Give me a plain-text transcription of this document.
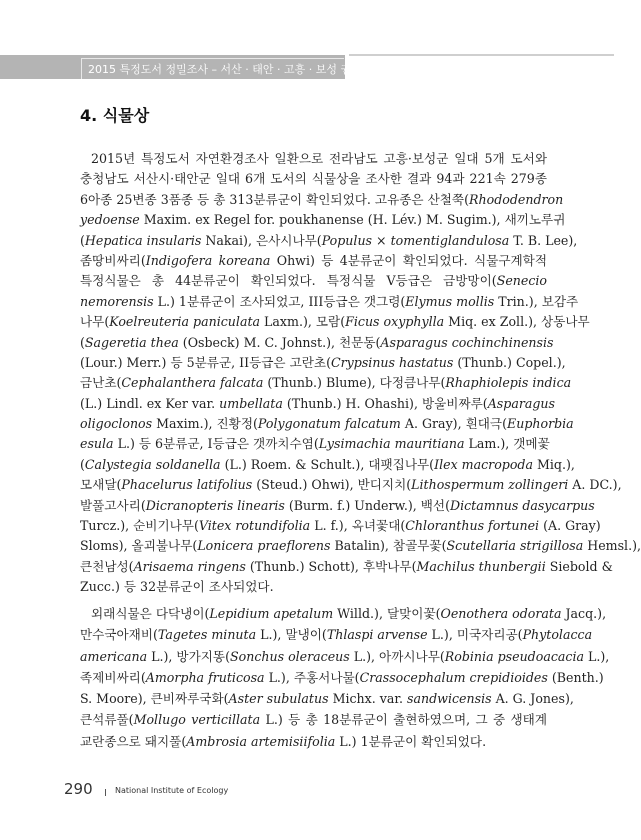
2015 특정도서 정밀조사 – 서산 · 태안 · 고흥 · 보성 권역
4. 식물상
2015년 특정도서 자연환경조사 일환으로 전라남도 고흥·보성군 일대 5개 도서와
충청남도 서산시·태안군 일대 6개 도서의 식물상을 조사한 결과 94과 221속 279종
6아종 25변종 3품종 등 총 313분류군이 확인되었다. 고유종은 산철쭉(Rhododendron
yedoense Maxim. ex Regel for. poukhanense (H. Lév.) M. Sugim.), 새끼노루귀
(Hepatica insularis Nakai), 은사시나무(Populus × tomentiglandulosa T. B. Lee),
좀땅비싸리(Indigofera koreana Ohwi) 등 4분류군이 확인되었다. 식물구계학적
특정식물은 총 44분류군이 확인되었다. 특정식물 V등급은 금방망이(Senecio
nemorensis L.) 1분류군이 조사되었고, III등급은 갯그령(Elymus mollis Trin.), 보감주
나무(Koelreuteria paniculata Laxm.), 모람(Ficus oxyphylla Miq. ex Zoll.), 상동나무
(Sageretia thea (Osbeck) M. C. Johnst.), 천문동(Asparagus cochinchinensis
(Lour.) Merr.) 등 5분류군, II등급은 고란초(Crypsinus hastatus (Thunb.) Copel.),
금난초(Cephalanthera falcata (Thunb.) Blume), 다정큼나무(Rhaphiolepis indica
(L.) Lindl. ex Ker var. umbellata (Thunb.) H. Ohashi), 방울비짜루(Asparagus
oligoclonos Maxim.), 진황정(Polygonatum falcatum A. Gray), 흰대극(Euphorbia
esula L.) 등 6분류군, I등급은 갯까치수염(Lysimachia mauritiana Lam.), 갯메꽃
(Calystegia soldanella (L.) Roem. & Schult.), 대팻집나무(Ilex macropoda Miq.),
모새달(Phacelurus latifolius (Steud.) Ohwi), 반디지치(Lithospermum zollingeri A. DC.),
발풀고사리(Dicranopteris linearis (Burm. f.) Underw.), 백선(Dictamnus dasycarpus
Turcz.), 순비기나무(Vitex rotundifolia L. f.), 옥녀꽃대(Chloranthus fortunei (A. Gray)
Sloms), 올괴불나무(Lonicera praeflorens Batalin), 참골무꽃(Scutellaria strigillosa Hemsl.),
큰천남성(Arisaema ringens (Thunb.) Schott), 후박나무(Machilus thunbergii Siebold &
Zucc.) 등 32분류군이 조사되었다.
외래식물은 다닥냉이(Lepidium apetalum Willd.), 달맞이꽃(Oenothera odorata Jacq.),
만수국아재비(Tagetes minuta L.), 말냉이(Thlaspi arvense L.), 미국자리공(Phytolacca
americana L.), 방가지똥(Sonchus oleraceus L.), 아까시나무(Robinia pseudoacacia L.),
족제비싸리(Amorpha fruticosa L.), 주홍서나물(Crassocephalum crepidioides (Benth.)
S. Moore), 큰비짜루국화(Aster subulatus Michx. var. sandwicensis A. G. Jones),
큰석류풀(Mollugo verticillata L.) 등 총 18분류군이 출현하였으며, 그 중 생태계
교란종으로 돼지풀(Ambrosia artemisiifolia L.) 1분류군이 확인되었다.
290	National Institute of Ecology
